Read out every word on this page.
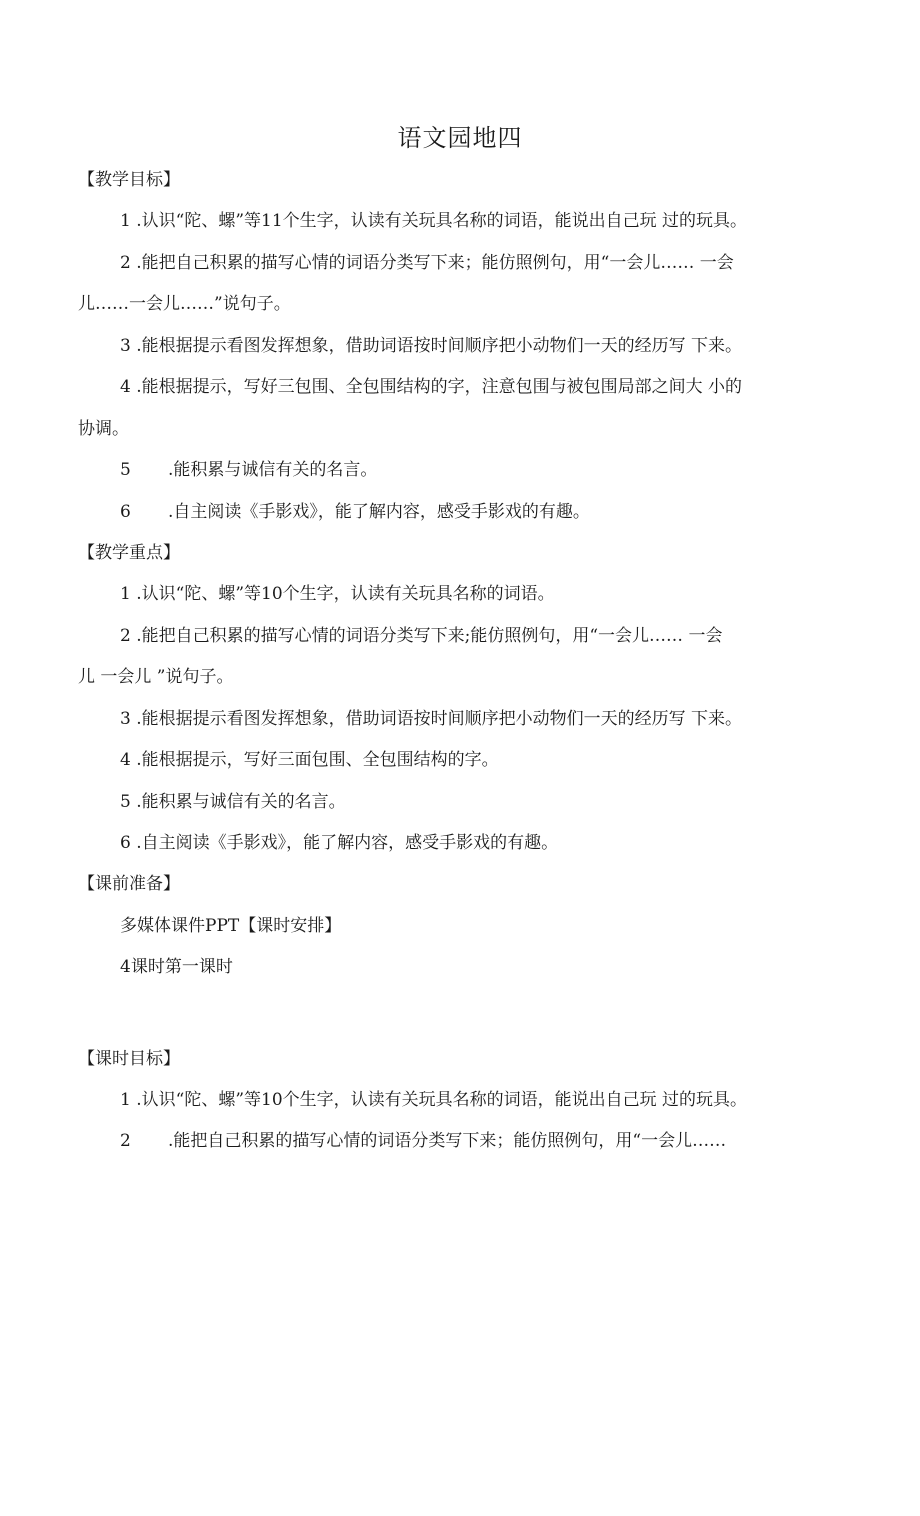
语文园地四
【教学目标】
1 .认识“陀、螺”等11个生字，认读有关玩具名称的词语，能说出自己玩 过的玩具。
2 .能把自己积累的描写心情的词语分类写下来；能仿照例句，用“一会儿…… 一会
儿……一会儿……”说句子。
3 .能根据提示看图发挥想象，借助词语按时间顺序把小动物们一天的经历写 下来。
4 .能根据提示，写好三包围、全包围结构的字，注意包围与被包围局部之间大 小的
协调。
5 .能积累与诚信有关的名言。
6 .自主阅读《手影戏》，能了解内容，感受手影戏的有趣。
【教学重点】
1 .认识“陀、螺”等10个生字，认读有关玩具名称的词语。
2 .能把自己积累的描写心情的词语分类写下来;能仿照例句，用“一会儿…… 一会
儿 一会儿 ”说句子。
3 .能根据提示看图发挥想象，借助词语按时间顺序把小动物们一天的经历写 下来。
4 .能根据提示，写好三面包围、全包围结构的字。
5 .能积累与诚信有关的名言。
6 .自主阅读《手影戏》，能了解内容，感受手影戏的有趣。
【课前准备】
多媒体课件PPT【课时安排】
4课时第一课时
【课时目标】
1 .认识“陀、螺”等10个生字，认读有关玩具名称的词语，能说出自己玩 过的玩具。
2 .能把自己积累的描写心情的词语分类写下来；能仿照例句，用“一会儿……
